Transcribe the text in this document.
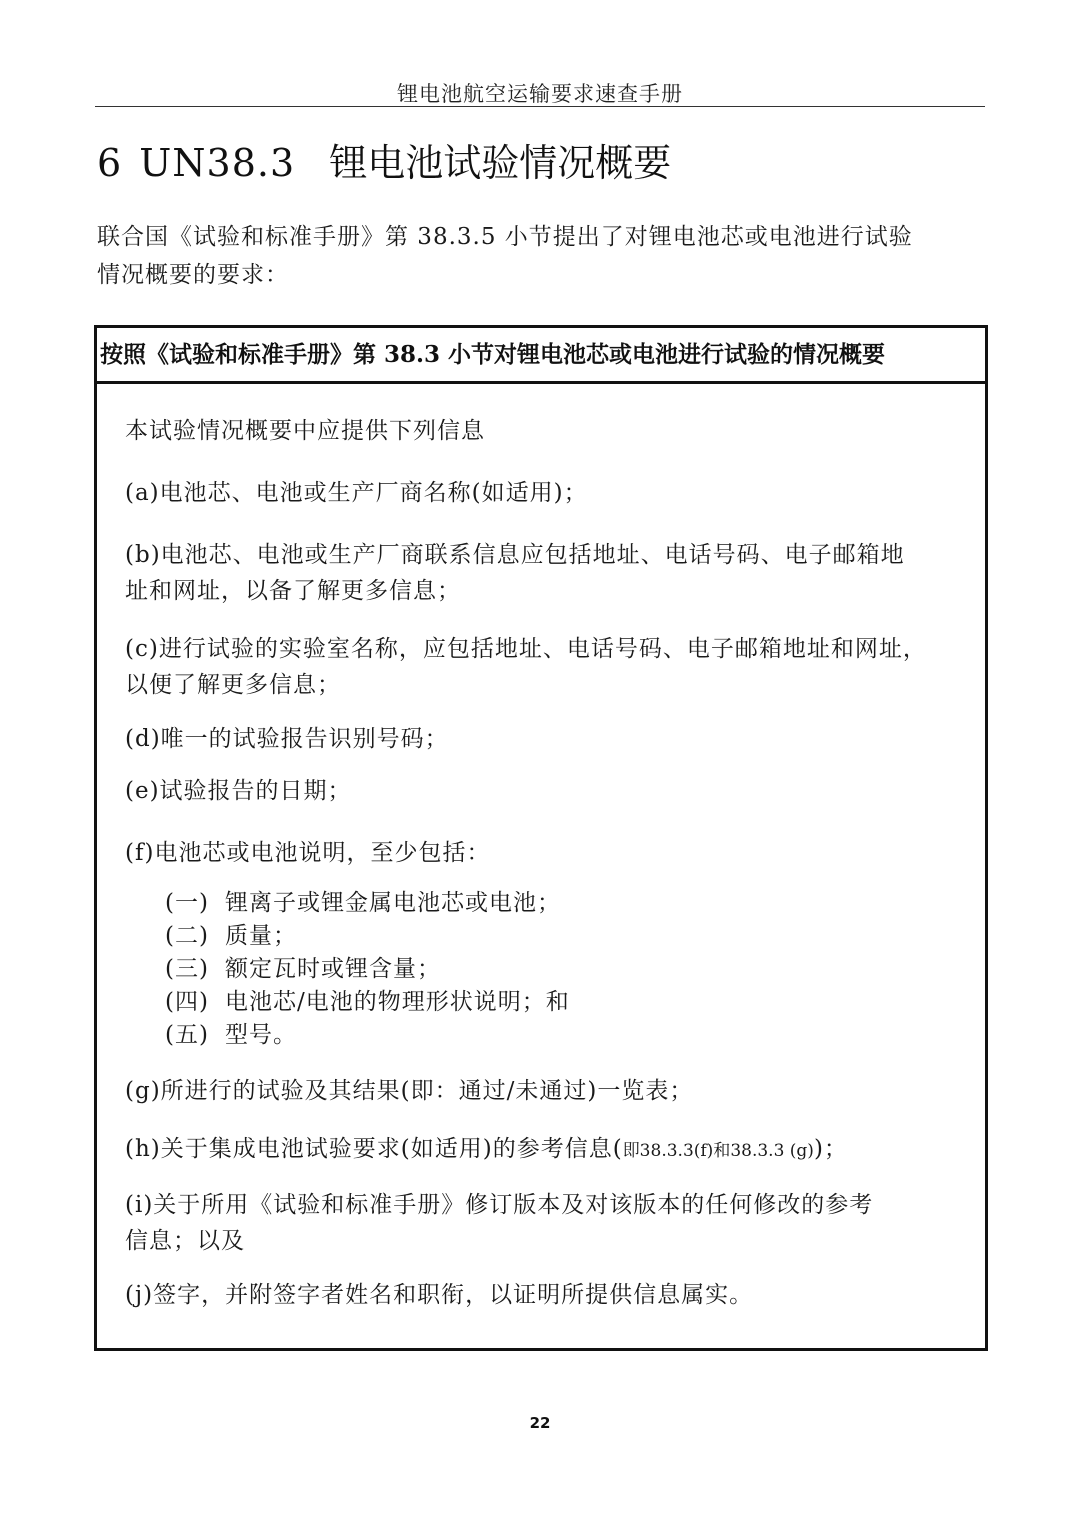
锂电池航空运输要求速查手册
6 UN38.3 锂电池试验情况概要
联合国《试验和标准手册》第 38.3.5 小节提出了对锂电池芯或电池进行试验
情况概要的要求：
按照《试验和标准手册》第 38.3 小节对锂电池芯或电池进行试验的情况概要
本试验情况概要中应提供下列信息
(a)电池芯、电池或生产厂商名称(如适用)；
(b)电池芯、电池或生产厂商联系信息应包括地址、电话号码、电子邮箱地
址和网址，以备了解更多信息；
(c)进行试验的实验室名称，应包括地址、电话号码、电子邮箱地址和网址，
以便了解更多信息；
(d)唯一的试验报告识别号码；
(e)试验报告的日期；
(f)电池芯或电池说明，至少包括：
(一) 锂离子或锂金属电池芯或电池；
(二) 质量；
(三) 额定瓦时或锂含量；
(四) 电池芯/电池的物理形状说明；和
(五) 型号。
(g)所进行的试验及其结果(即：通过/未通过)一览表；
(h)关于集成电池试验要求(如适用)的参考信息(即38.3.3(f)和38.3.3 (g))；
(i)关于所用《试验和标准手册》修订版本及对该版本的任何修改的参考
信息；以及
(j)签字，并附签字者姓名和职衔，以证明所提供信息属实。
22
